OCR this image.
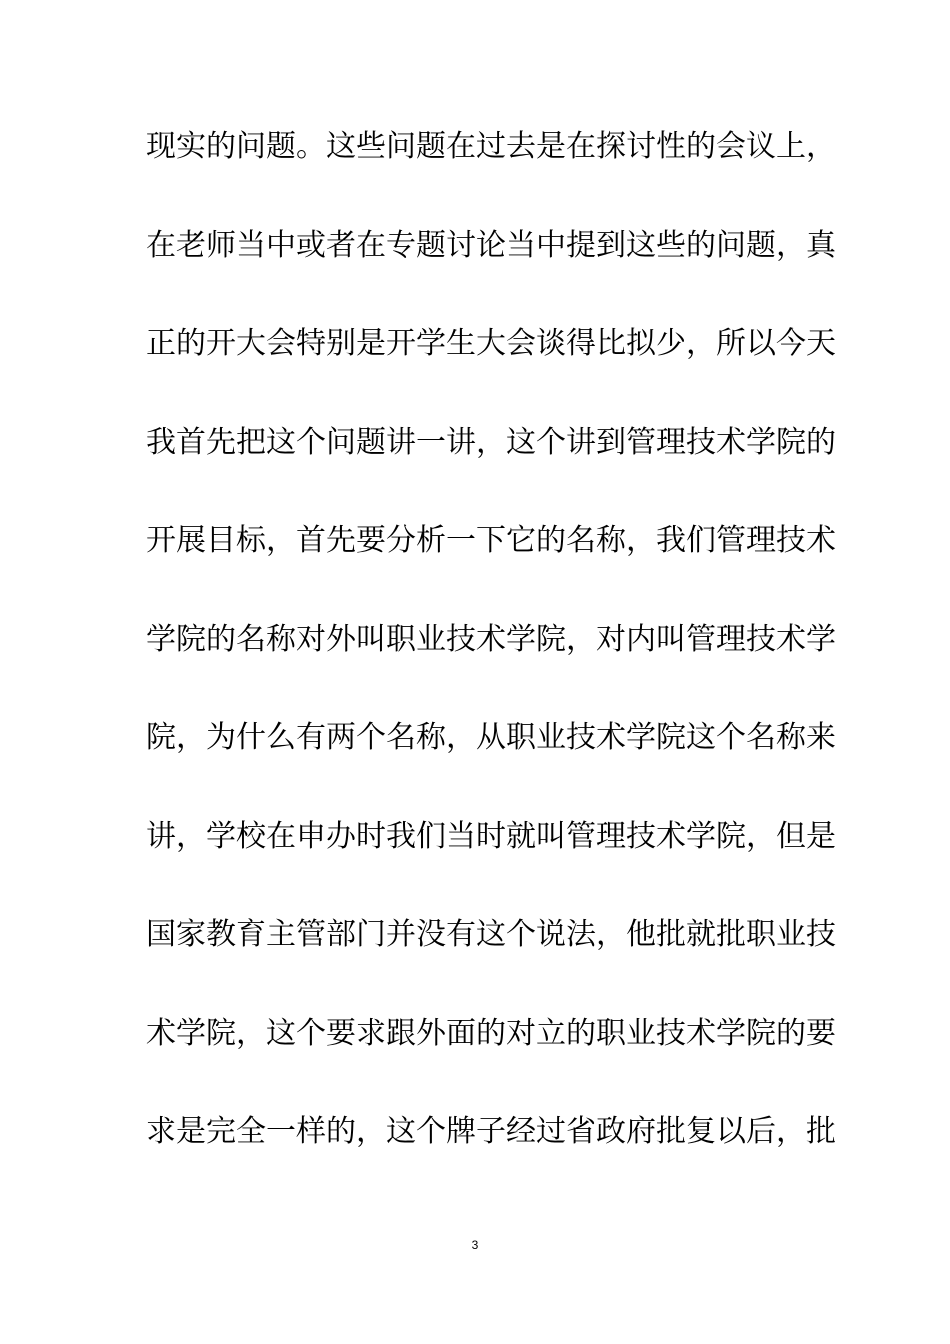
现实的问题。这些问题在过去是在探讨性的会议上，
在老师当中或者在专题讨论当中提到这些的问题，真
正的开大会特别是开学生大会谈得比拟少，所以今天
我首先把这个问题讲一讲，这个讲到管理技术学院的
开展目标，首先要分析一下它的名称，我们管理技术
学院的名称对外叫职业技术学院，对内叫管理技术学
院，为什么有两个名称，从职业技术学院这个名称来
讲，学校在申办时我们当时就叫管理技术学院，但是
国家教育主管部门并没有这个说法，他批就批职业技
术学院，这个要求跟外面的对立的职业技术学院的要
求是完全一样的，这个牌子经过省政府批复以后，批
3
